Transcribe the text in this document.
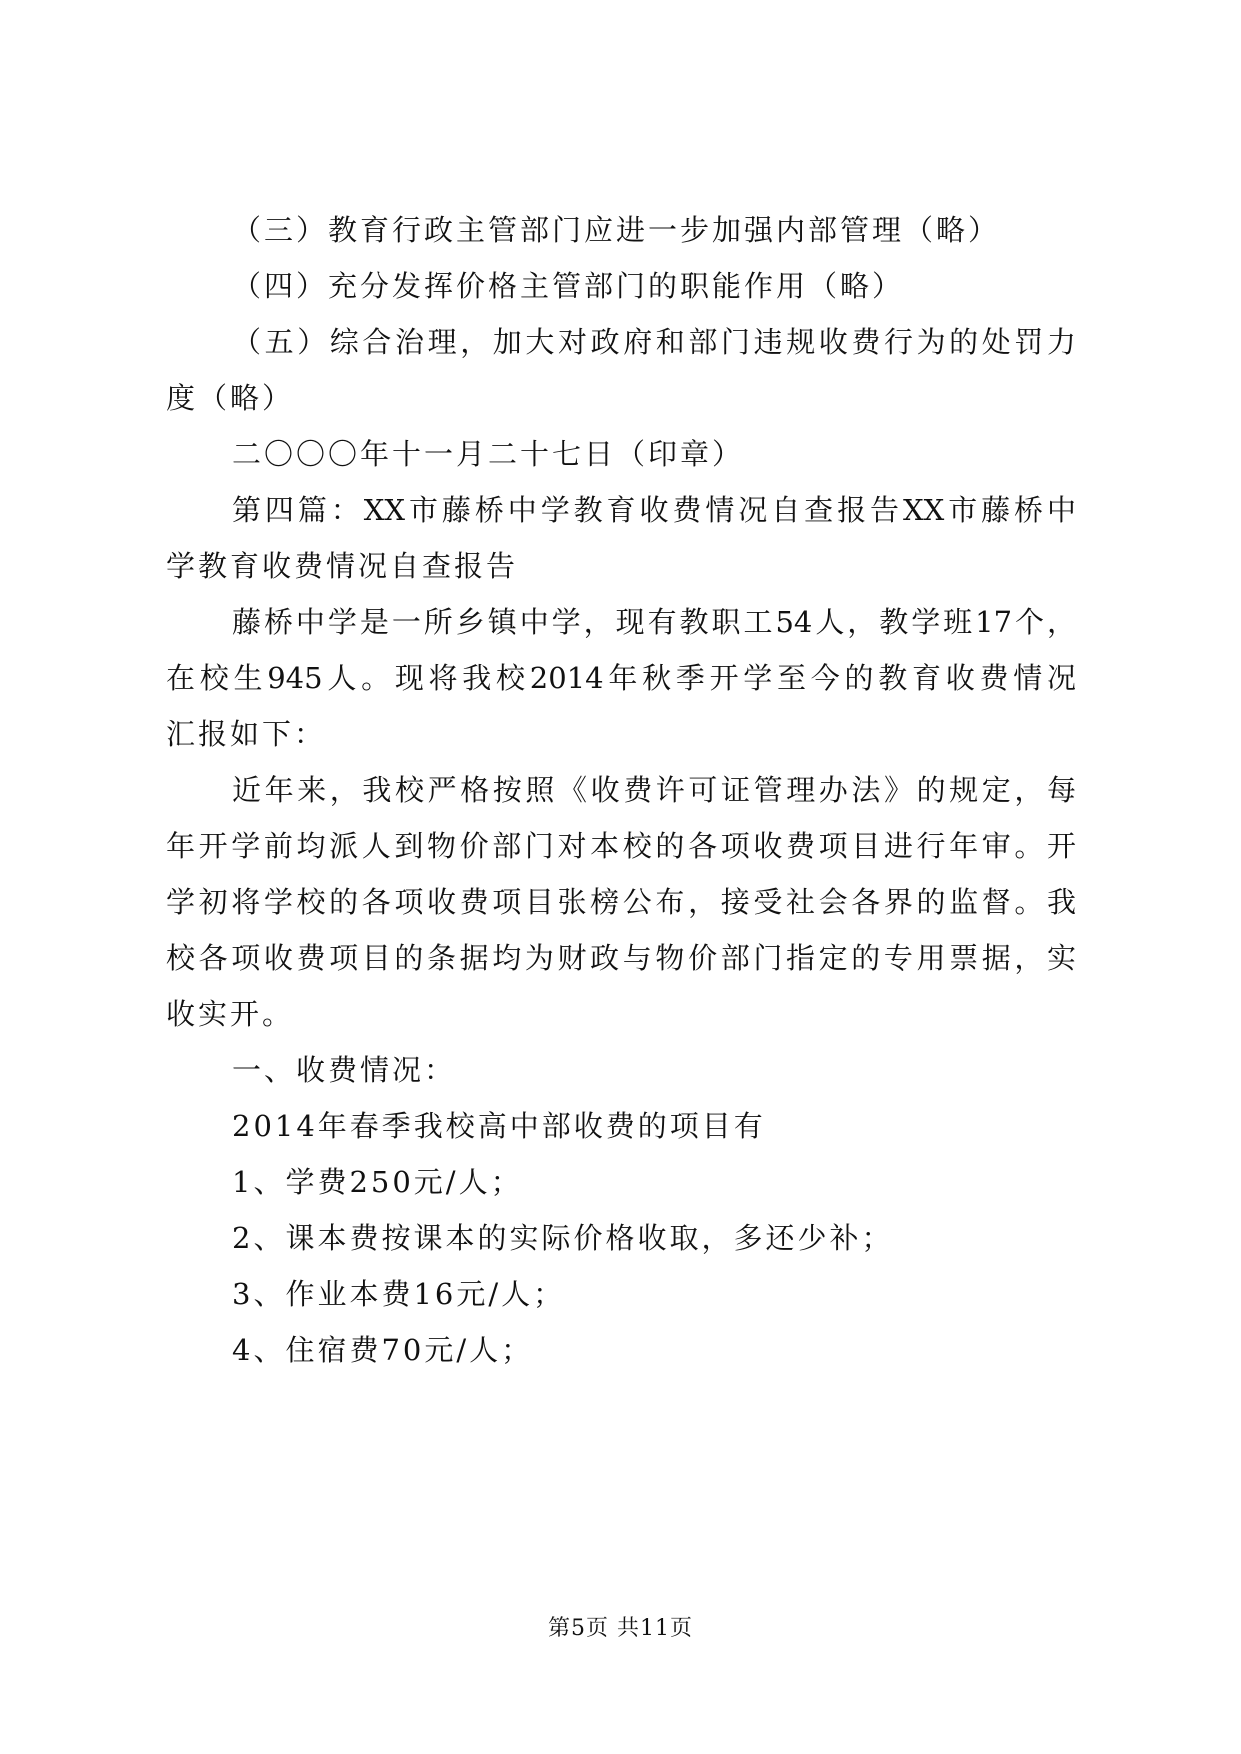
（三）教育行政主管部门应进一步加强内部管理（略）
（四）充分发挥价格主管部门的职能作用（略）
（五）综合治理，加大对政府和部门违规收费行为的处罚力
度（略）
二〇〇〇年十一月二十七日（印章）
第四篇：XX市藤桥中学教育收费情况自查报告XX市藤桥中
学教育收费情况自查报告
藤桥中学是一所乡镇中学，现有教职工54人，教学班17个，
在校生945人。现将我校2014年秋季开学至今的教育收费情况
汇报如下：
近年来，我校严格按照《收费许可证管理办法》的规定，每
年开学前均派人到物价部门对本校的各项收费项目进行年审。开
学初将学校的各项收费项目张榜公布，接受社会各界的监督。我
校各项收费项目的条据均为财政与物价部门指定的专用票据，实
收实开。
一、收费情况：
2014年春季我校高中部收费的项目有
1、学费250元/人；
2、课本费按课本的实际价格收取，多还少补；
3、作业本费16元/人；
4、住宿费70元/人；
第5页 共11页
